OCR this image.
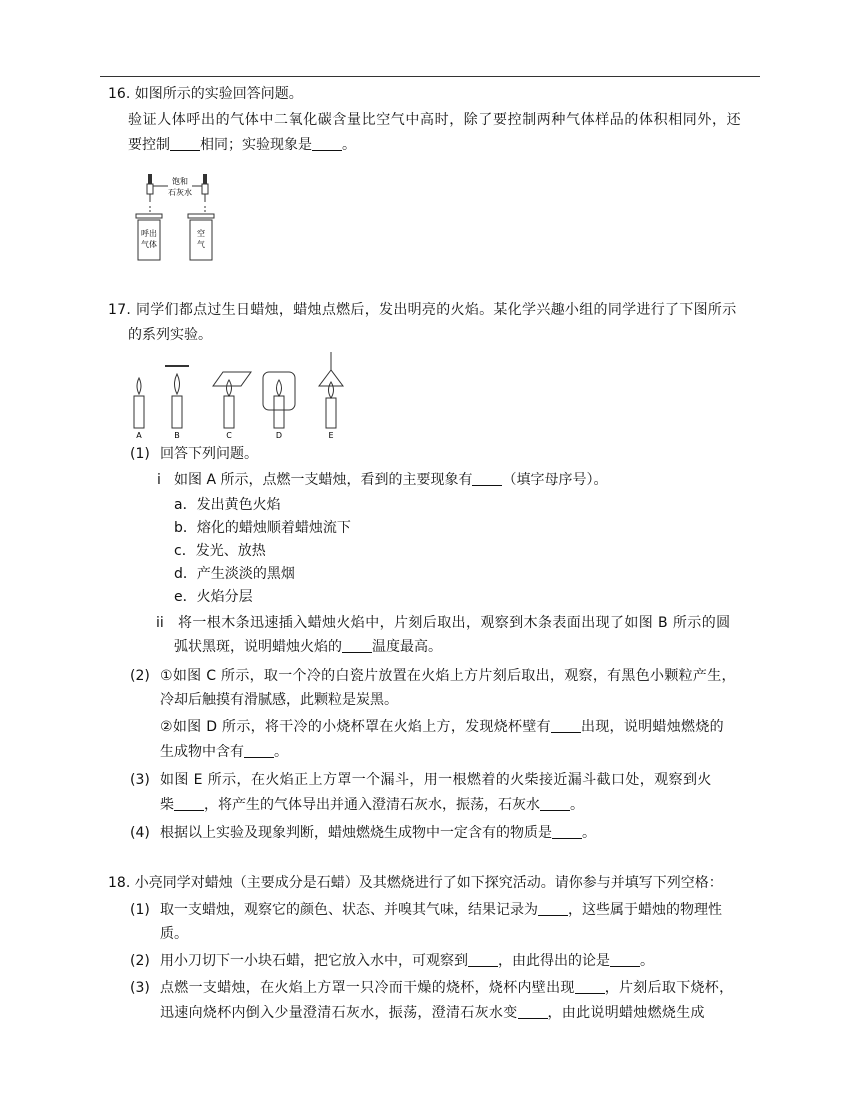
16. 如图所示的实验回答问题。
验证人体呼出的气体中二氧化碳含量比空气中高时，除了要控制两种气体样品的体积相同外，还
要控制 相同；实验现象是 。
饱和
石灰水
呼出
气体
空
气
17. 同学们都点过生日蜡烛，蜡烛点燃后，发出明亮的火焰。某化学兴趣小组的同学进行了下图所示
的系列实验。
A	B	C	D	E
(1) 回答下列问题。
i 如图 A 所示，点燃一支蜡烛，看到的主要现象有 （填字母序号）。
a．发出黄色火焰
b．熔化的蜡烛顺着蜡烛流下
c．发光、放热
d．产生淡淡的黑烟
e．火焰分层
ii 将一根木条迅速插入蜡烛火焰中，片刻后取出，观察到木条表面出现了如图 B 所示的圆
弧状黑斑，说明蜡烛火焰的 温度最高。
(2) ①如图 C 所示，取一个冷的白瓷片放置在火焰上方片刻后取出，观察，有黑色小颗粒产生，
冷却后触摸有滑腻感，此颗粒是炭黑。
②如图 D 所示，将干冷的小烧杯罩在火焰上方，发现烧杯壁有 出现，说明蜡烛燃烧的
生成物中含有 。
(3) 如图 E 所示，在火焰正上方罩一个漏斗，用一根燃着的火柴接近漏斗截口处，观察到火
柴 ，将产生的气体导出并通入澄清石灰水，振荡，石灰水 。
(4) 根据以上实验及现象判断，蜡烛燃烧生成物中一定含有的物质是 。
18. 小亮同学对蜡烛（主要成分是石蜡）及其燃烧进行了如下探究活动。请你参与并填写下列空格：
(1) 取一支蜡烛，观察它的颜色、状态、并嗅其气味，结果记录为 ，这些属于蜡烛的物理性
质。
(2) 用小刀切下一小块石蜡，把它放入水中，可观察到 ，由此得出的论是 。
(3) 点燃一支蜡烛，在火焰上方罩一只冷而干燥的烧杯，烧杯内壁出现 ，片刻后取下烧杯，
迅速向烧杯内倒入少量澄清石灰水，振荡，澄清石灰水变 ，由此说明蜡烛燃烧生成
